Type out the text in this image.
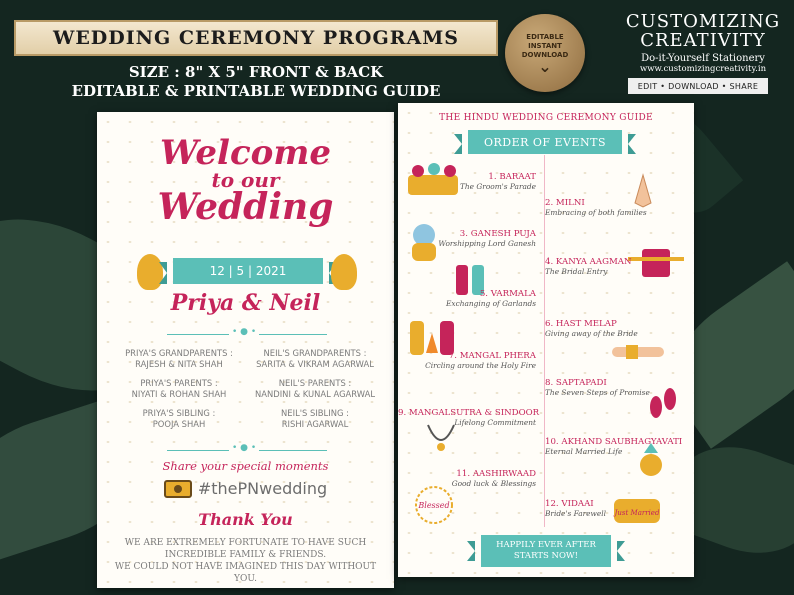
WEDDING CEREMONY PROGRAMS
SIZE : 8" X 5" FRONT & BACK
EDITABLE & PRINTABLE WEDDING GUIDE
EDITABLE
INSTANT
DOWNLOAD
⌄
CUSTOMIZING
CREATIVITY
Do-it-Yourself Stationery
www.customizingcreativity.in
EDIT • DOWNLOAD • SHARE
Welcome
to our
Wedding
12 | 5 | 2021
Priya & Neil
• ● •
PRIYA'S GRANDPARENTS :
RAJESH & NITA SHAH
PRIYA'S PARENTS :
NIYATI & ROHAN SHAH
PRIYA'S SIBLING :
POOJA SHAH
NEIL'S GRANDPARENTS :
SARITA & VIKRAM AGARWAL
NEIL'S PARENTS :
NANDINI & KUNAL AGARWAL
NEIL'S SIBLING :
RISHI AGARWAL
• ● •
Share your special moments
#thePNwedding
Thank You
WE ARE EXTREMELY FORTUNATE TO HAVE SUCH
INCREDIBLE FAMILY & FRIENDS.
WE COULD NOT HAVE IMAGINED THIS DAY WITHOUT YOU.
THE HINDU WEDDING CEREMONY GUIDE
ORDER OF EVENTS
Blessed
Just Married
1. BARAAT
The Groom's Parade
2. MILNI
Embracing of both families
3. GANESH PUJA
Worshipping Lord Ganesh
4. KANYA AAGMAN
The Bridal Entry
5. VARMALA
Exchanging of Garlands
6. HAST MELAP
Giving away of the Bride
7. MANGAL PHERA
Circling around the Holy Fire
8. SAPTAPADI
The Seven Steps of Promise
9. MANGALSUTRA & SINDOOR
Lifelong Commitment
10. AKHAND SAUBHAGYAVATI
Eternal Married Life
11. AASHIRWAAD
Good luck & Blessings
12. VIDAAI
Bride's Farewell
HAPPILY EVER AFTER
STARTS NOW!
